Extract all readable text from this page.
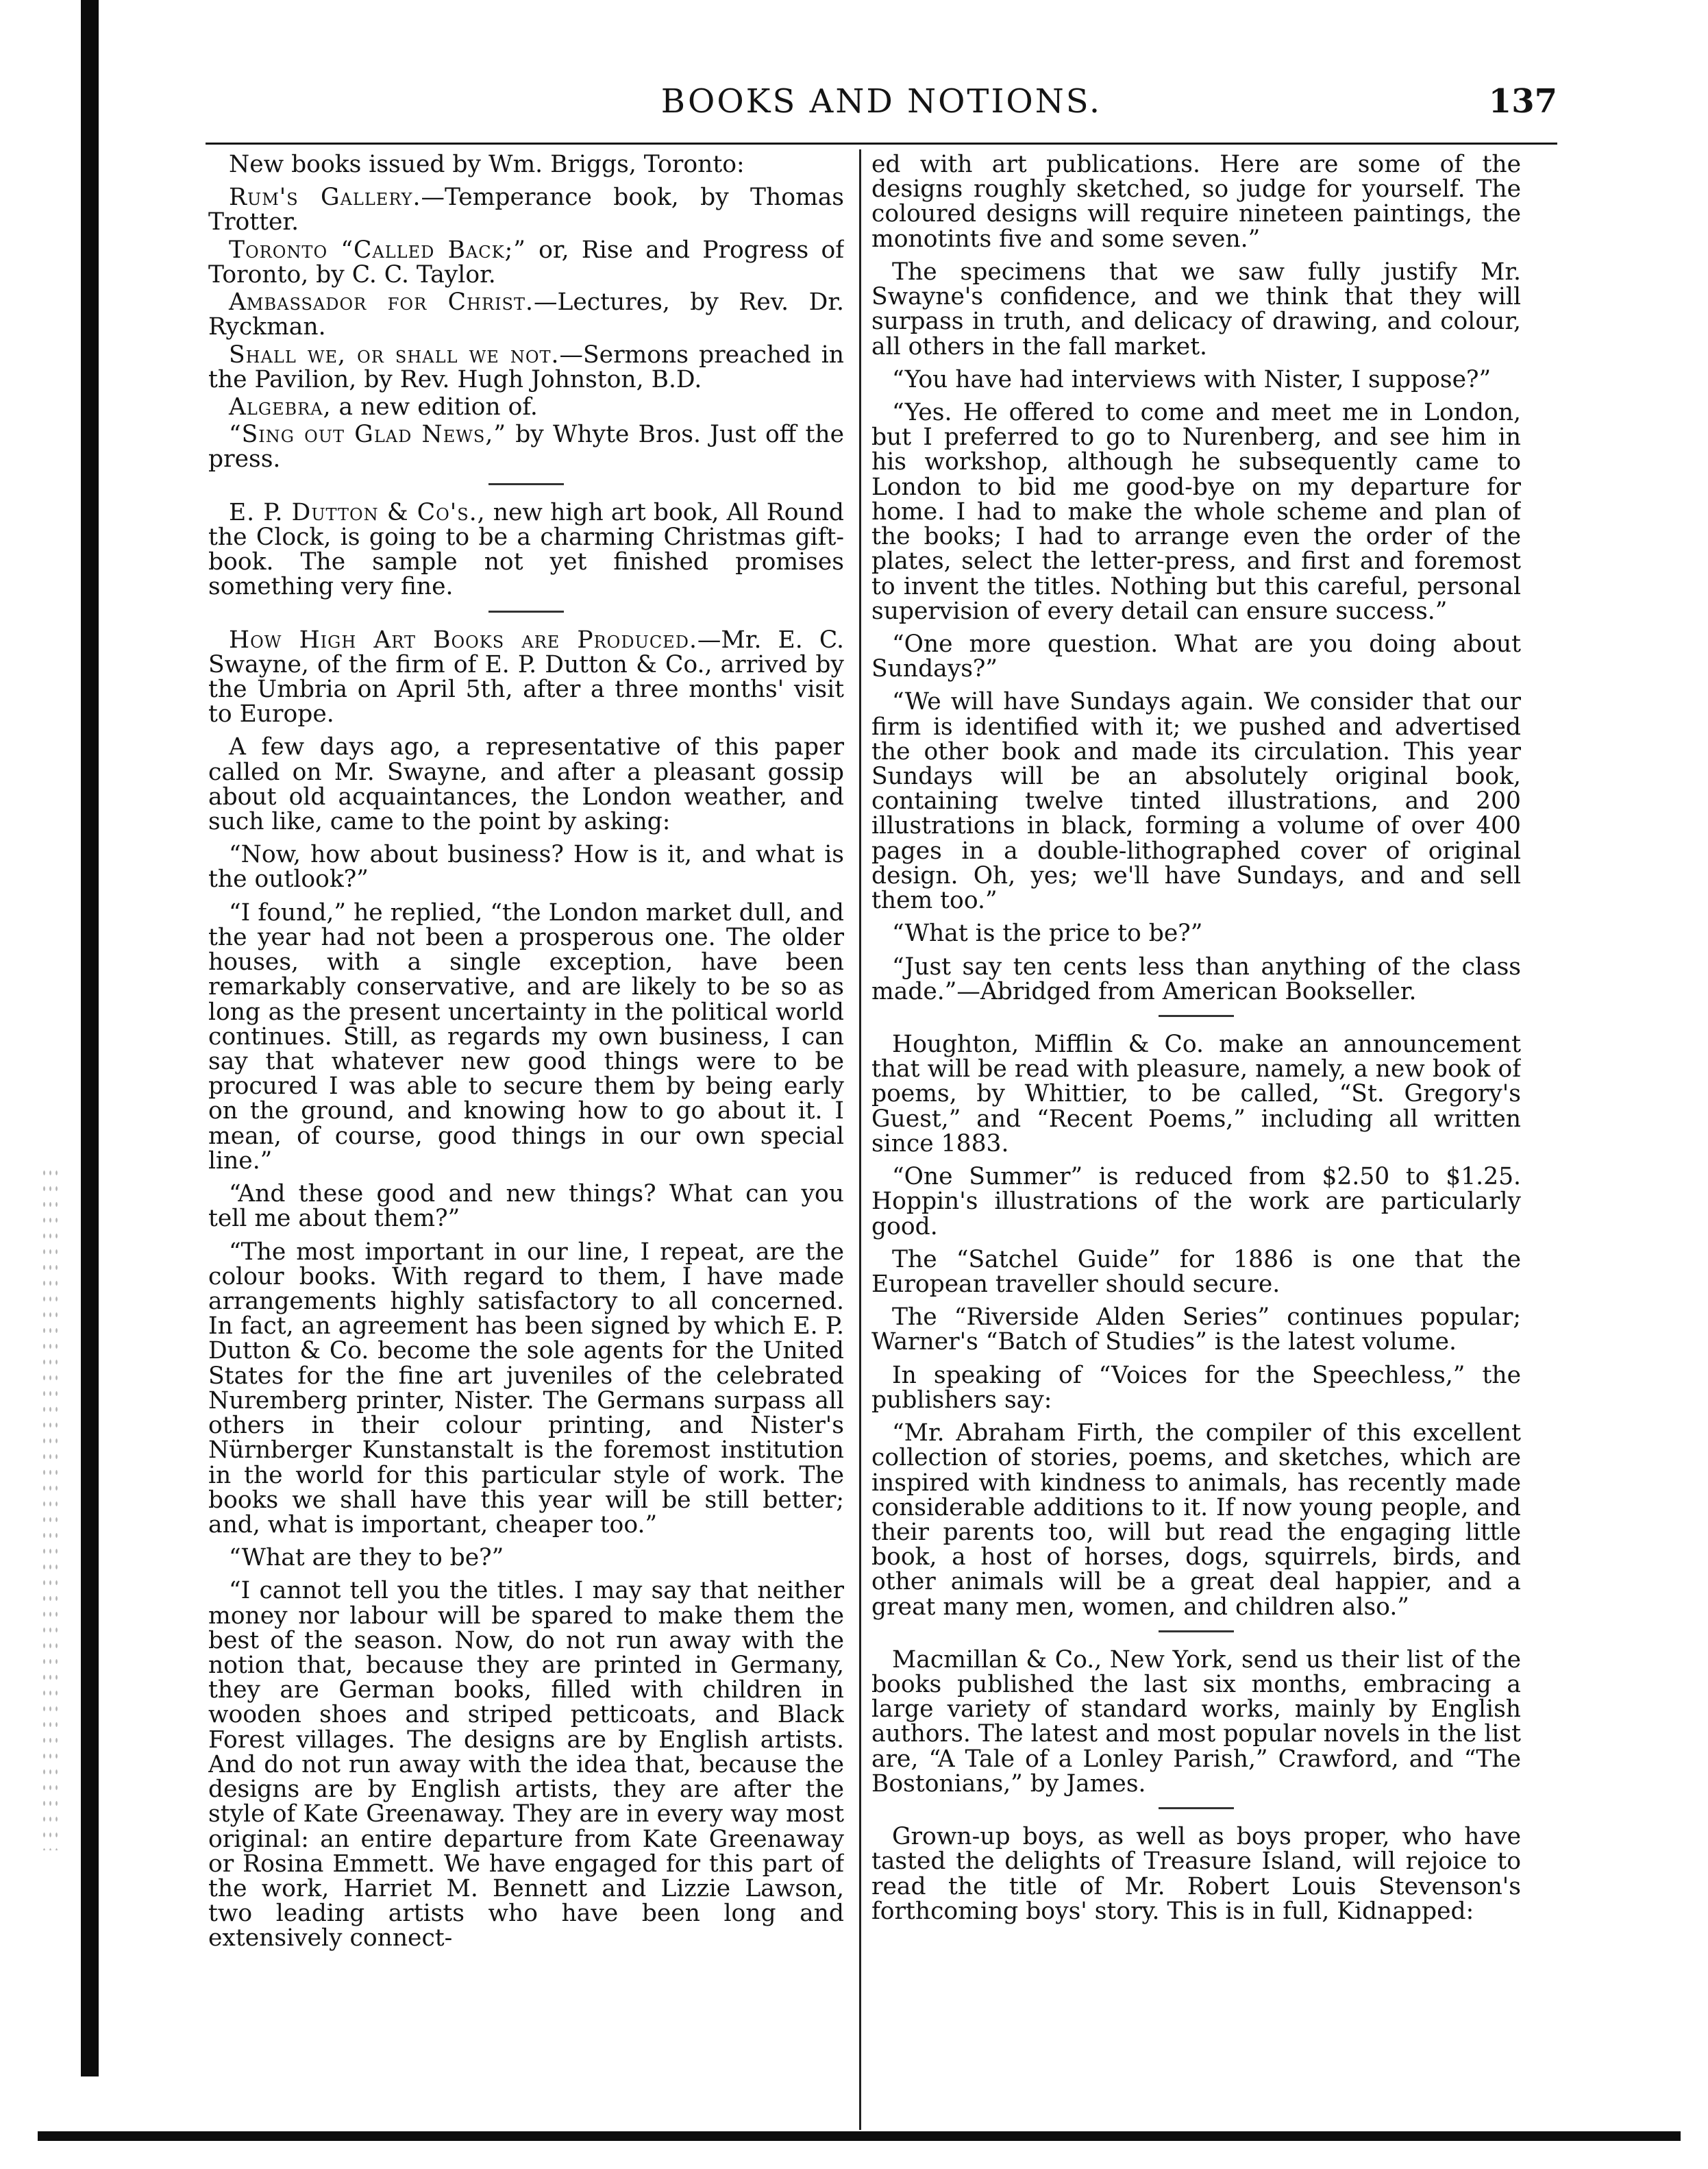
BOOKS AND NOTIONS.	137

New books issued by Wm. Briggs, Toronto:

Rum's Gallery.—Temperance book, by Thomas Trotter.

Toronto “Called Back;” or, Rise and Progress of Toronto, by C. C. Taylor.

Ambassador for Christ.—Lectures, by Rev. Dr. Ryckman.

Shall we, or shall we not.—Sermons preached in the Pavilion, by Rev. Hugh Johnston, B.D.

Algebra, a new edition of.

“Sing out Glad News,” by Whyte Bros. Just off the press.

E. P. Dutton & Co's., new high art book, All Round the Clock, is going to be a charming Christmas gift-book. The sample not yet finished promises something very fine.

How High Art Books are Produced.—Mr. E. C. Swayne, of the firm of E. P. Dutton & Co., arrived by the Umbria on April 5th, after a three months' visit to Europe.

A few days ago, a representative of this paper called on Mr. Swayne, and after a pleasant gossip about old acquaintances, the London weather, and such like, came to the point by asking:

“Now, how about business? How is it, and what is the outlook?”

“I found,” he replied, “the London market dull, and the year had not been a prosperous one. The older houses, with a single exception, have been remarkably conservative, and are likely to be so as long as the present uncertainty in the political world continues. Still, as regards my own business, I can say that whatever new good things were to be procured I was able to secure them by being early on the ground, and knowing how to go about it. I mean, of course, good things in our own special line.”

“And these good and new things? What can you tell me about them?”

“The most important in our line, I repeat, are the colour books. With regard to them, I have made arrangements highly satisfactory to all concerned. In fact, an agreement has been signed by which E. P. Dutton & Co. become the sole agents for the United States for the fine art juveniles of the celebrated Nuremberg printer, Nister. The Germans surpass all others in their colour printing, and Nister's Nürnberger Kunstanstalt is the foremost institution in the world for this particular style of work. The books we shall have this year will be still better; and, what is important, cheaper too.”

“What are they to be?”

“I cannot tell you the titles. I may say that neither money nor labour will be spared to make them the best of the season. Now, do not run away with the notion that, because they are printed in Germany, they are German books, filled with children in wooden shoes and striped petticoats, and Black Forest villages. The designs are by English artists. And do not run away with the idea that, because the designs are by English artists, they are after the style of Kate Greenaway. They are in every way most original: an entire departure from Kate Greenaway or Rosina Emmett. We have engaged for this part of the work, Harriet M. Bennett and Lizzie Lawson, two leading artists who have been long and extensively connect-

ed with art publications. Here are some of the designs roughly sketched, so judge for yourself. The coloured designs will require nineteen paintings, the monotints five and some seven.”

The specimens that we saw fully justify Mr. Swayne's confidence, and we think that they will surpass in truth, and delicacy of drawing, and colour, all others in the fall market.

“You have had interviews with Nister, I suppose?”

“Yes. He offered to come and meet me in London, but I preferred to go to Nurenberg, and see him in his workshop, although he subsequently came to London to bid me good-bye on my departure for home. I had to make the whole scheme and plan of the books; I had to arrange even the order of the plates, select the letter-press, and first and foremost to invent the titles. Nothing but this careful, personal supervision of every detail can ensure success.”

“One more question. What are you doing about Sundays?”

“We will have Sundays again. We consider that our firm is identified with it; we pushed and advertised the other book and made its circulation. This year Sundays will be an absolutely original book, containing twelve tinted illustrations, and 200 illustrations in black, forming a volume of over 400 pages in a double-lithographed cover of original design. Oh, yes; we'll have Sundays, and and sell them too.”

“What is the price to be?”

“Just say ten cents less than anything of the class made.”—Abridged from American Bookseller.

Houghton, Mifflin & Co. make an announcement that will be read with pleasure, namely, a new book of poems, by Whittier, to be called, “St. Gregory's Guest,” and “Recent Poems,” including all written since 1883.

“One Summer” is reduced from $2.50 to $1.25. Hoppin's illustrations of the work are particularly good.

The “Satchel Guide” for 1886 is one that the European traveller should secure.

The “Riverside Alden Series” continues popular; Warner's “Batch of Studies” is the latest volume.

In speaking of “Voices for the Speechless,” the publishers say:

“Mr. Abraham Firth, the compiler of this excellent collection of stories, poems, and sketches, which are inspired with kindness to animals, has recently made considerable additions to it. If now young people, and their parents too, will but read the engaging little book, a host of horses, dogs, squirrels, birds, and other animals will be a great deal happier, and a great many men, women, and children also.”

Macmillan & Co., New York, send us their list of the books published the last six months, embracing a large variety of standard works, mainly by English authors. The latest and most popular novels in the list are, “A Tale of a Lonley Parish,” Crawford, and “The Bostonians,” by James.

Grown-up boys, as well as boys proper, who have tasted the delights of Treasure Island, will rejoice to read the title of Mr. Robert Louis Stevenson's forthcoming boys' story. This is in full, Kidnapped:
